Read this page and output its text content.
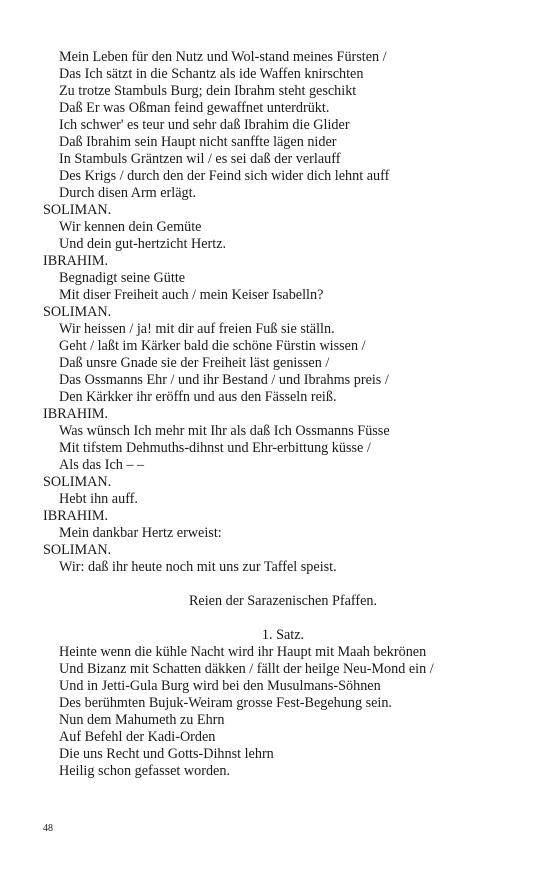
Mein Leben für den Nutz und Wol-stand meines Fürsten /
Das Ich sätzt in die Schantz als ide Waffen knirschten
Zu trotze Stambuls Burg; dein Ibrahm steht geschikt
Daß Er was Oßman feind gewaffnet unterdrükt.
Ich schwer' es teur und sehr daß Ibrahim die Glider
Daß Ibrahim sein Haupt nicht sanffte lägen nider
In Stambuls Gräntzen wil / es sei daß der verlauff
Des Krigs / durch den der Feind sich wider dich lehnt auff
Durch disen Arm erlägt.
SOLIMAN.
Wir kennen dein Gemüte
Und dein gut-hertzicht Hertz.
IBRAHIM.
Begnadigt seine Gütte
Mit diser Freiheit auch / mein Keiser Isabelln?
SOLIMAN.
Wir heissen / ja! mit dir auf freien Fuß sie ställn.
Geht / laßt im Kärker bald die schöne Fürstin wissen /
Daß unsre Gnade sie der Freiheit läst genissen /
Das Ossmanns Ehr / und ihr Bestand / und Ibrahms preis /
Den Kärkker ihr eröffn und aus den Fässeln reiß.
IBRAHIM.
Was wünsch Ich mehr mit Ihr als daß Ich Ossmanns Füsse
Mit tifstem Dehmuths-dihnst und Ehr-erbittung küsse /
Als das Ich – –
SOLIMAN.
Hebt ihn auff.
IBRAHIM.
Mein dankbar Hertz erweist:
SOLIMAN.
Wir: daß ihr heute noch mit uns zur Taffel speist.
Reien der Sarazenischen Pfaffen.
1. Satz.
Heinte wenn die kühle Nacht wird ihr Haupt mit Maah bekrönen
Und Bizanz mit Schatten däkken / fällt der heilge Neu-Mond ein /
Und in Jetti-Gula Burg wird bei den Musulmans-Söhnen
Des berühmten Bujuk-Weiram grosse Fest-Begehung sein.
Nun dem Mahumeth zu Ehrn
Auf Befehl der Kadi-Orden
Die uns Recht und Gotts-Dihnst lehrn
Heilig schon gefasset worden.
48
